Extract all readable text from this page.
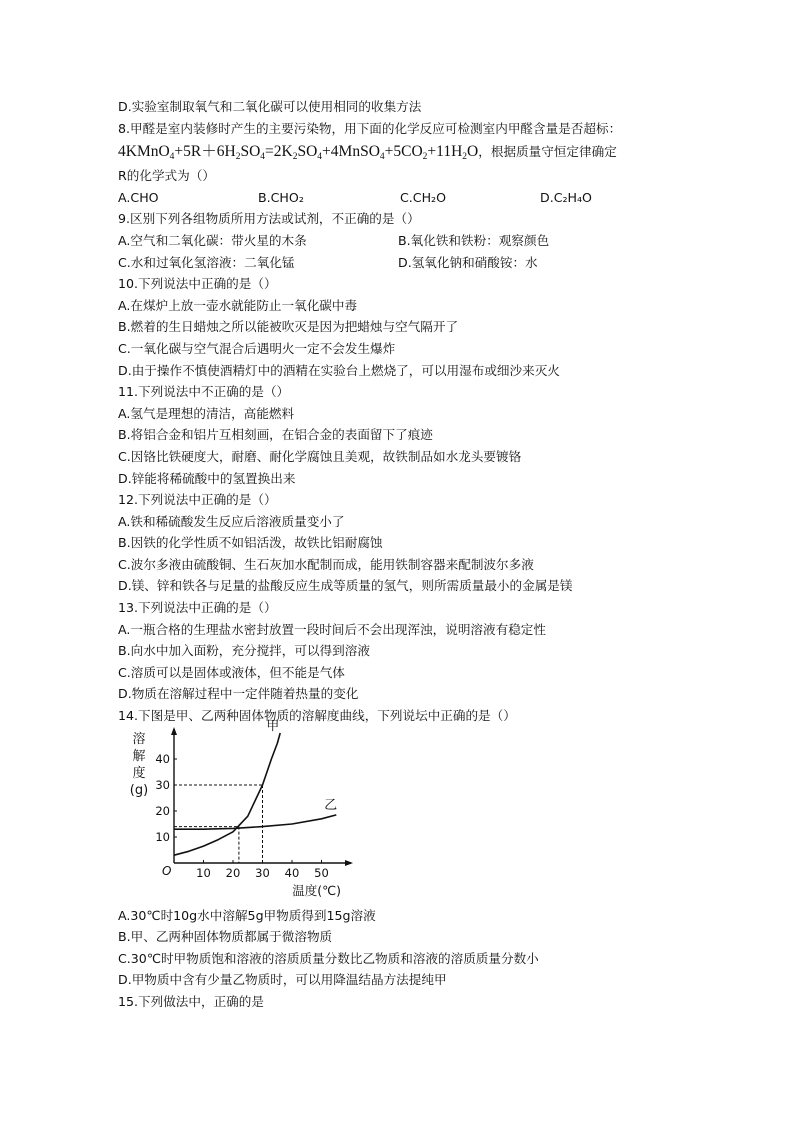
D.实验室制取氧气和二氧化碳可以使用相同的收集方法
8.甲醛是室内装修时产生的主要污染物，用下面的化学反应可检测室内甲醛含量是否超标：
$4KMnO_4+5R+6H_2SO_4=2K_2SO_4+4MnSO_4+5CO_2+11H_2O$，根据质量守恒定律确定
R的化学式为（）
A.CHO	B.CHO₂	C.CH₂O	D.C₂H₄O
9.区别下列各组物质所用方法或试剂，不正确的是（）
A.空气和二氧化碳：带火星的木条	B.氧化铁和铁粉：观察颜色
C.水和过氧化氢溶液：二氧化锰	D.氢氧化钠和硝酸铵：水
10.下列说法中正确的是（）
A.在煤炉上放一壶水就能防止一氧化碳中毒
B.燃着的生日蜡烛之所以能被吹灭是因为把蜡烛与空气隔开了
C.一氧化碳与空气混合后遇明火一定不会发生爆炸
D.由于操作不慎使酒精灯中的酒精在实验台上燃烧了，可以用湿布或细沙来灭火
11.下列说法中不正确的是（）
A.氢气是理想的清洁，高能燃料
B.将铝合金和铝片互相刻画，在铝合金的表面留下了痕迹
C.因铬比铁硬度大，耐磨、耐化学腐蚀且美观，故铁制品如水龙头要镀铬
D.锌能将稀硫酸中的氢置换出来
12.下列说法中正确的是（）
A.铁和稀硫酸发生反应后溶液质量变小了
B.因铁的化学性质不如铝活泼，故铁比铝耐腐蚀
C.波尔多液由硫酸铜、生石灰加水配制而成，能用铁制容器来配制波尔多液
D.镁、锌和铁各与足量的盐酸反应生成等质量的氢气，则所需质量最小的金属是镁
13.下列说法中正确的是（）
A.一瓶合格的生理盐水密封放置一段时间后不会出现浑浊，说明溶液有稳定性
B.向水中加入面粉，充分搅拌，可以得到溶液
C.溶质可以是固体或液体，但不能是气体
D.物质在溶解过程中一定伴随着热量的变化
14.下图是甲、乙两种固体物质的溶解度曲线，下列说坛中正确的是（）
溶解度(g)
10 20 30 40 50
10
20
30
40
O
温度(℃)
甲
乙
A.30℃时10g水中溶解5g甲物质得到15g溶液
B.甲、乙两种固体物质都属于微溶物质
C.30℃时甲物质饱和溶液的溶质质量分数比乙物质和溶液的溶质质量分数小
D.甲物质中含有少量乙物质时，可以用降温结晶方法提纯甲
15.下列做法中，正确的是
